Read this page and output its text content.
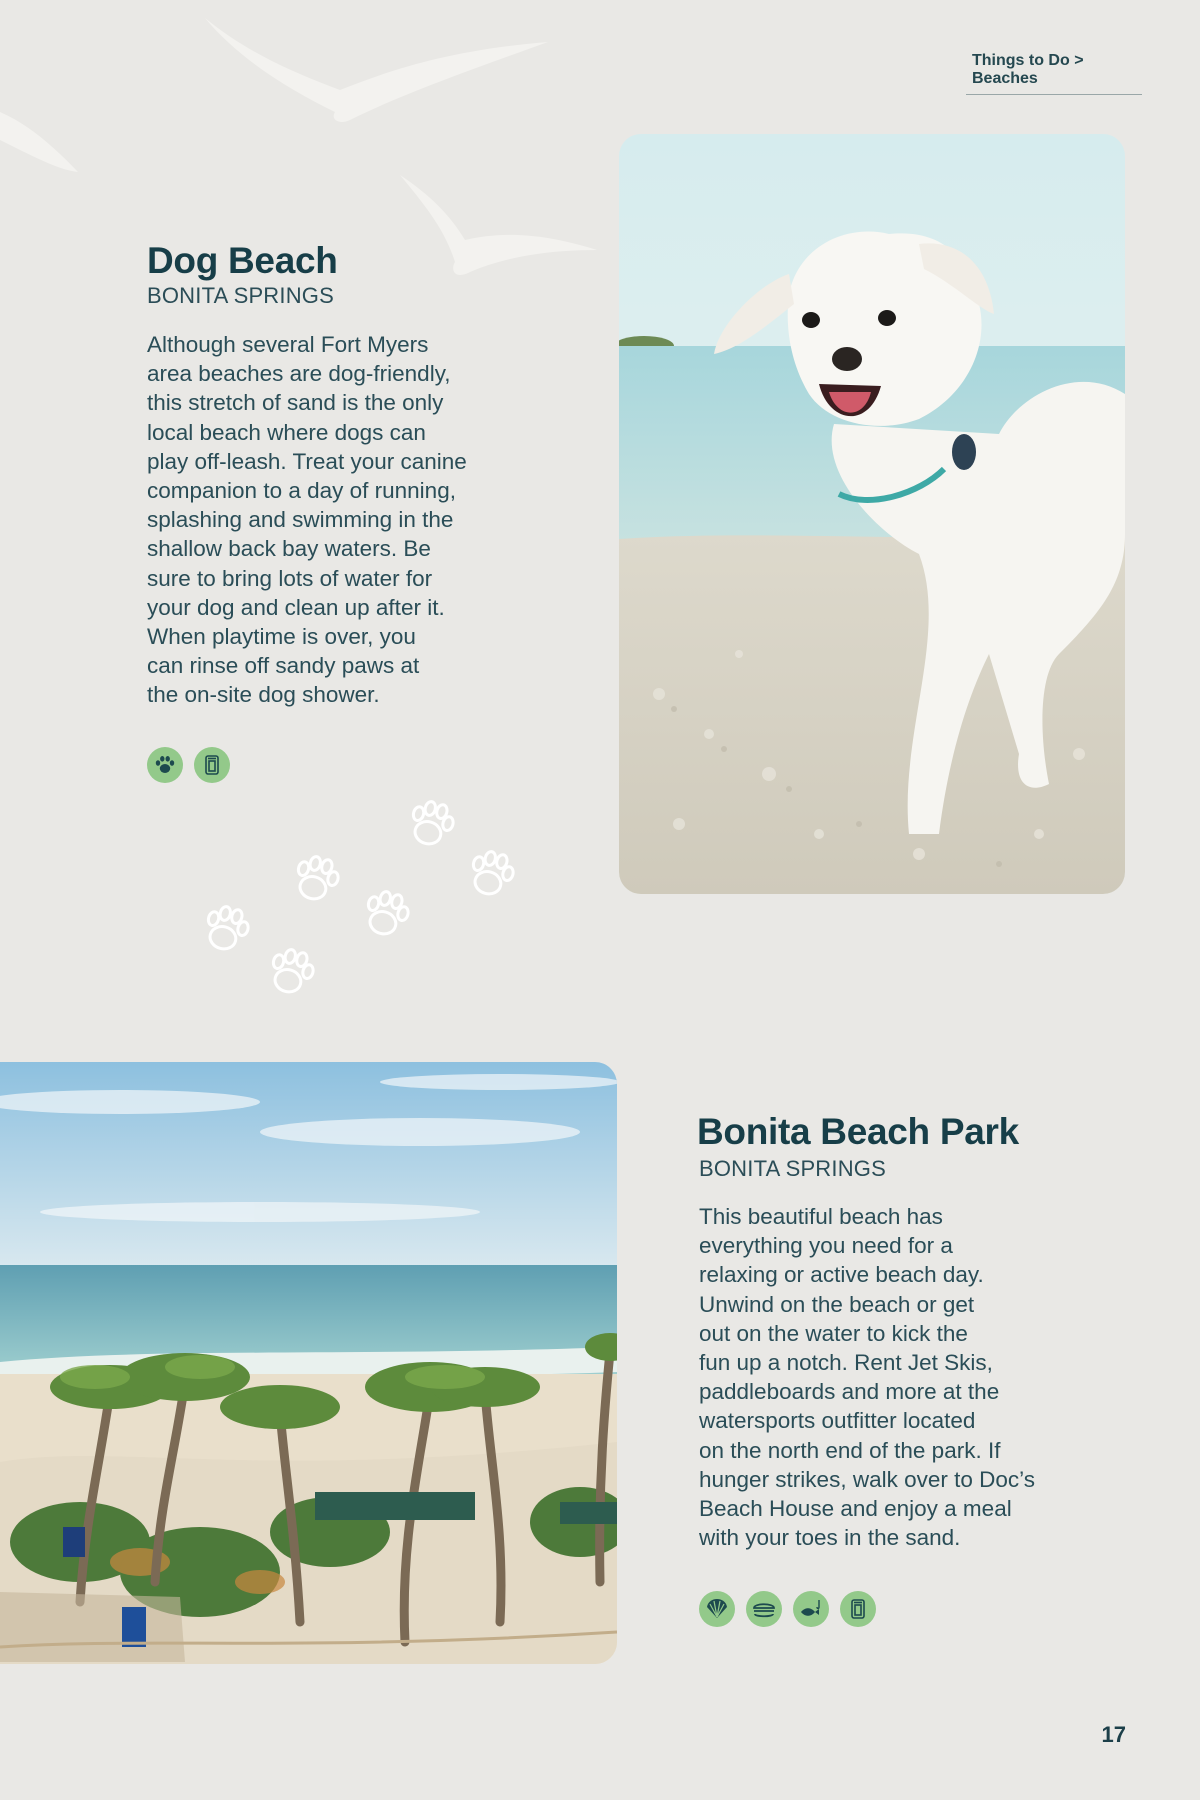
Things to Do > Beaches
Dog Beach

BONITA SPRINGS

Although several Fort Myers
area beaches are dog-friendly,
this stretch of sand is the only
local beach where dogs can
play off-leash. Treat your canine
companion to a day of running,
splashing and swimming in the
shallow back bay waters. Be
sure to bring lots of water for
your dog and clean up after it.
When playtime is over, you
can rinse off sandy paws at
the on-site dog shower.
Bonita Beach Park

BONITA SPRINGS

This beautiful beach has
everything you need for a
relaxing or active beach day.
Unwind on the beach or get
out on the water to kick the
fun up a notch. Rent Jet Skis,
paddleboards and more at the
watersports outfitter located
on the north end of the park. If
hunger strikes, walk over to Doc’s
Beach House and enjoy a meal
with your toes in the sand.
17
